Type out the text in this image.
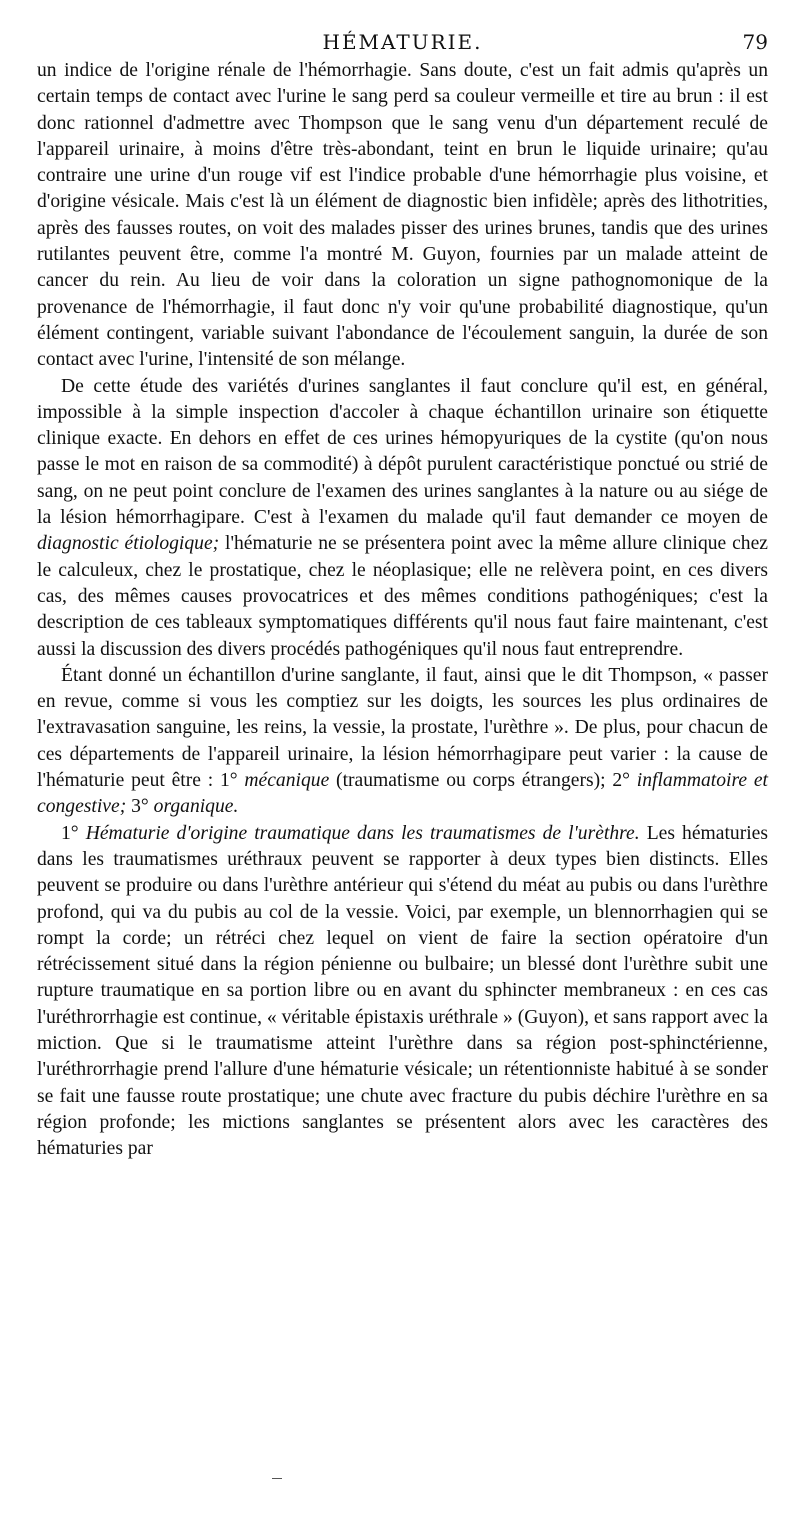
HÉMATURIE.	79

un indice de l'origine rénale de l'hémorrhagie. Sans doute, c'est un fait admis qu'après un certain temps de contact avec l'urine le sang perd sa couleur vermeille et tire au brun : il est donc rationnel d'admettre avec Thompson que le sang venu d'un département reculé de l'appareil urinaire, à moins d'être très-abondant, teint en brun le liquide urinaire; qu'au contraire une urine d'un rouge vif est l'indice probable d'une hémorrhagie plus voisine, et d'origine vésicale. Mais c'est là un élément de diagnostic bien infidèle; après des lithotrities, après des fausses routes, on voit des malades pisser des urines brunes, tandis que des urines rutilantes peuvent être, comme l'a montré M. Guyon, fournies par un malade atteint de cancer du rein. Au lieu de voir dans la coloration un signe pathognomonique de la provenance de l'hémorrhagie, il faut donc n'y voir qu'une probabilité diagnostique, qu'un élément contingent, variable suivant l'abondance de l'écoulement sanguin, la durée de son contact avec l'urine, l'intensité de son mélange.

De cette étude des variétés d'urines sanglantes il faut conclure qu'il est, en général, impossible à la simple inspection d'accoler à chaque échantillon urinaire son étiquette clinique exacte. En dehors en effet de ces urines hémopyuriques de la cystite (qu'on nous passe le mot en raison de sa commodité) à dépôt purulent caractéristique ponctué ou strié de sang, on ne peut point conclure de l'examen des urines sanglantes à la nature ou au siége de la lésion hémorrhagipare. C'est à l'examen du malade qu'il faut demander ce moyen de diagnostic étiologique; l'hématurie ne se présentera point avec la même allure clinique chez le calculeux, chez le prostatique, chez le néoplasique; elle ne relèvera point, en ces divers cas, des mêmes causes provocatrices et des mêmes conditions pathogéniques; c'est la description de ces tableaux symptomatiques différents qu'il nous faut faire maintenant, c'est aussi la discussion des divers procédés pathogéniques qu'il nous faut entreprendre.

Étant donné un échantillon d'urine sanglante, il faut, ainsi que le dit Thompson, « passer en revue, comme si vous les comptiez sur les doigts, les sources les plus ordinaires de l'extravasation sanguine, les reins, la vessie, la prostate, l'urèthre ». De plus, pour chacun de ces départements de l'appareil urinaire, la lésion hémorrhagipare peut varier : la cause de l'hématurie peut être : 1° mécanique (traumatisme ou corps étrangers); 2° inflammatoire et congestive; 3° organique.

1° Hématurie d'origine traumatique dans les traumatismes de l'urèthre. Les hématuries dans les traumatismes uréthraux peuvent se rapporter à deux types bien distincts. Elles peuvent se produire ou dans l'urèthre antérieur qui s'étend du méat au pubis ou dans l'urèthre profond, qui va du pubis au col de la vessie. Voici, par exemple, un blennorrhagien qui se rompt la corde; un rétréci chez lequel on vient de faire la section opératoire d'un rétrécissement situé dans la région pénienne ou bulbaire; un blessé dont l'urèthre subit une rupture traumatique en sa portion libre ou en avant du sphincter membraneux : en ces cas l'uréthrorrhagie est continue, « véritable épistaxis uréthrale » (Guyon), et sans rapport avec la miction. Que si le traumatisme atteint l'urèthre dans sa région post-sphinctérienne, l'uréthrorrhagie prend l'allure d'une hématurie vésicale; un rétentionniste habitué à se sonder se fait une fausse route prostatique; une chute avec fracture du pubis déchire l'urèthre en sa région profonde; les mictions sanglantes se présentent alors avec les caractères des hématuries par
